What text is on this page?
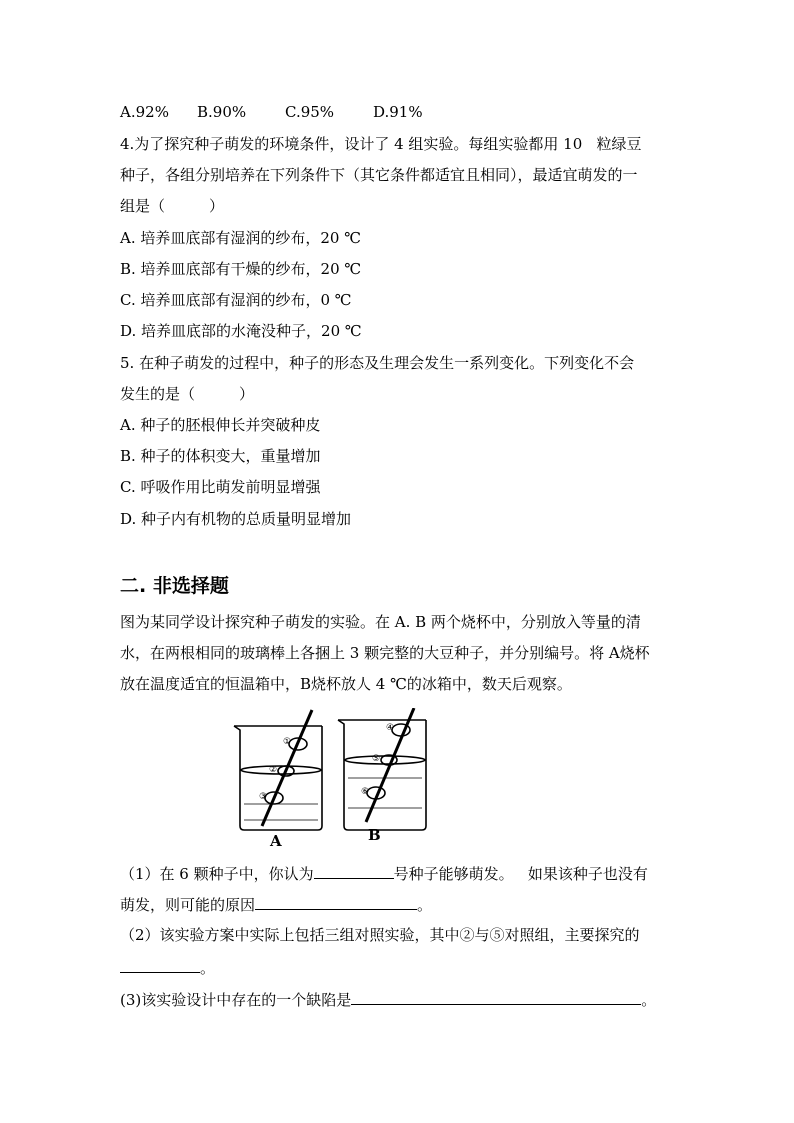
A.92% B.90%	C.95%	D.91%
4.为了探究种子萌发的环境条件，设计了 4 组实验。每组实验都用 10   粒绿豆
种子，各组分别培养在下列条件下（其它条件都适宜且相同），最适宜萌发的一
组是（	）
A. 培养皿底部有湿润的纱布，20 ℃
B. 培养皿底部有干燥的纱布，20 ℃
C. 培养皿底部有湿润的纱布，0 ℃
D. 培养皿底部的水淹没种子，20 ℃
5. 在种子萌发的过程中，种子的形态及生理会发生一系列变化。下列变化不会
发生的是（	）
A. 种子的胚根伸长并突破种皮
B. 种子的体积变大，重量增加
C. 呼吸作用比萌发前明显增强
D. 种子内有机物的总质量明显增加
二. 非选择题
图为某同学设计探究种子萌发的实验。在 A. B 两个烧杯中，分别放入等量的清
水，在两根相同的玻璃棒上各捆上 3 颗完整的大豆种子，并分别编号。将 A烧杯
放在温度适宜的恒温箱中，B烧杯放人 4 ℃的冰箱中，数天后观察。
①
②
③
④
⑤
⑥
A	B
（1）在 6 颗种子中，你认为	号种子能够萌发。   如果该种子也没有
萌发，则可能的原因	。
（2）该实验方案中实际上包括三组对照实验，其中②与⑤对照组，主要探究的
。
(3)该实验设计中存在的一个缺陷是	。
